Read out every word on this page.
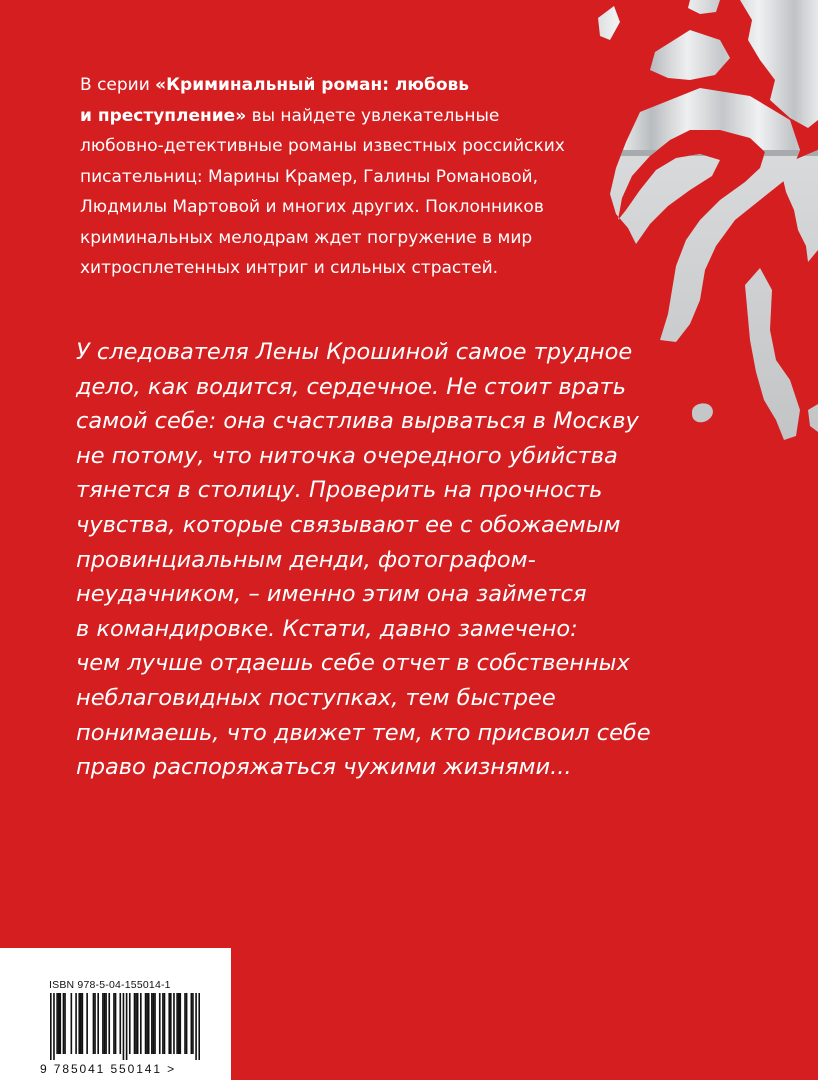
В серии «Криминальный роман: любовь
и преступление» вы найдете увлекательные
любовно-детективные романы известных российских
писательниц: Марины Крамер, Галины Романовой,
Людмилы Мартовой и многих других. Поклонников
криминальных мелодрам ждет погружение в мир
хитросплетенных интриг и сильных страстей.
У следователя Лены Крошиной самое трудное
дело, как водится, сердечное. Не стоит врать
самой себе: она счастлива вырваться в Москву
не потому, что ниточка очередного убийства
тянется в столицу. Проверить на прочность
чувства, которые связывают ее с обожаемым
провинциальным денди, фотографом-
неудачником, – именно этим она займется
в командировке. Кстати, давно замечено:
чем лучше отдаешь себе отчет в собственных
неблаговидных поступках, тем быстрее
понимаешь, что движет тем, кто присвоил себе
право распоряжаться чужими жизнями...
ISBN 978-5-04-155014-1
9 785041 550141 >
